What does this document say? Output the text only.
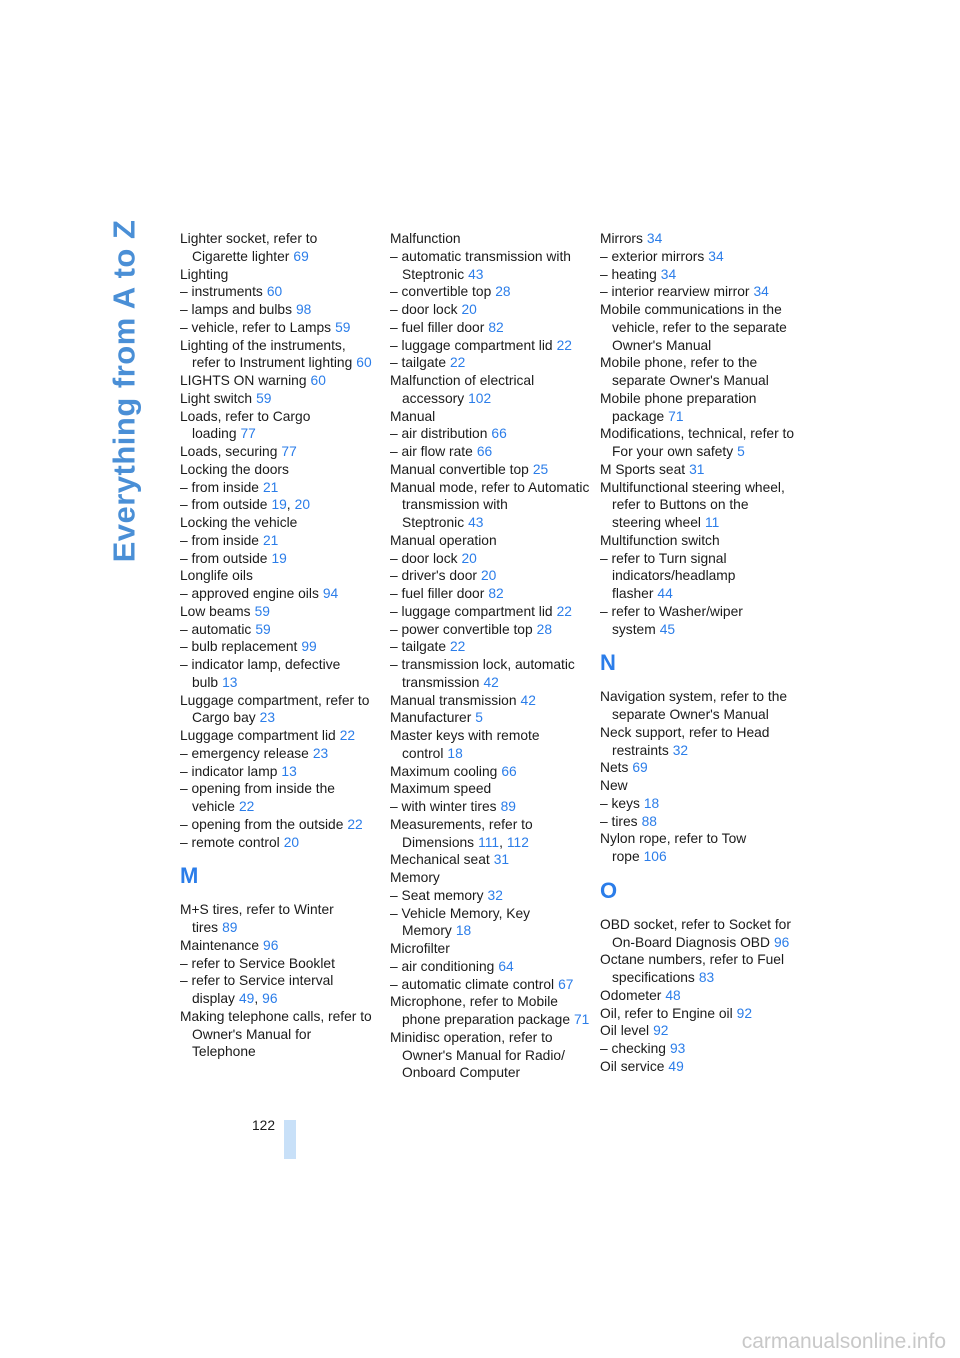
Everything from A to Z	Lighter socket, refer to Cigarette lighter 69
Lighting
– instruments 60
– lamps and bulbs 98
– vehicle, refer to Lamps 59
Lighting of the instruments, refer to Instrument lighting 60
LIGHTS ON warning 60
Light switch 59
Loads, refer to Cargo loading 77
Loads, securing 77
Locking the doors
– from inside 21
– from outside 19, 20
Locking the vehicle
– from inside 21
– from outside 19
Longlife oils
– approved engine oils 94
Low beams 59
– automatic 59
– bulb replacement 99
– indicator lamp, defective bulb 13
Luggage compartment, refer to Cargo bay 23
Luggage compartment lid 22
– emergency release 23
– indicator lamp 13
– opening from inside the vehicle 22
– opening from the outside 22
– remote control 20
M
M+S tires, refer to Winter tires 89
Maintenance 96
– refer to Service Booklet
– refer to Service interval display 49, 96
Making telephone calls, refer to Owner's Manual for Telephone
Malfunction
– automatic transmission with Steptronic 43
– convertible top 28
– door lock 20
– fuel filler door 82
– luggage compartment lid 22
– tailgate 22
Malfunction of electrical accessory 102
Manual
– air distribution 66
– air flow rate 66
Manual convertible top 25
Manual mode, refer to Automatic transmission with Steptronic 43
Manual operation
– door lock 20
– driver's door 20
– fuel filler door 82
– luggage compartment lid 22
– power convertible top 28
– tailgate 22
– transmission lock, automatic transmission 42
Manual transmission 42
Manufacturer 5
Master keys with remote control 18
Maximum cooling 66
Maximum speed
– with winter tires 89
Measurements, refer to Dimensions 111, 112
Mechanical seat 31
Memory
– Seat memory 32
– Vehicle Memory, Key Memory 18
Microfilter
– air conditioning 64
– automatic climate control 67
Microphone, refer to Mobile phone preparation package 71
Minidisc operation, refer to Owner's Manual for Radio/ Onboard Computer
Mirrors 34
– exterior mirrors 34
– heating 34
– interior rearview mirror 34
Mobile communications in the vehicle, refer to the separate Owner's Manual
Mobile phone, refer to the separate Owner's Manual
Mobile phone preparation package 71
Modifications, technical, refer to For your own safety 5
M Sports seat 31
Multifunctional steering wheel, refer to Buttons on the steering wheel 11
Multifunction switch
– refer to Turn signal indicators/headlamp flasher 44
– refer to Washer/wiper system 45
N
Navigation system, refer to the separate Owner's Manual
Neck support, refer to Head restraints 32
Nets 69
New
– keys 18
– tires 88
Nylon rope, refer to Tow rope 106
O
OBD socket, refer to Socket for On-Board Diagnosis OBD 96
Octane numbers, refer to Fuel specifications 83
Odometer 48
Oil, refer to Engine oil 92
Oil level 92
– checking 93
Oil service 49
122
carmanualsonline.info
